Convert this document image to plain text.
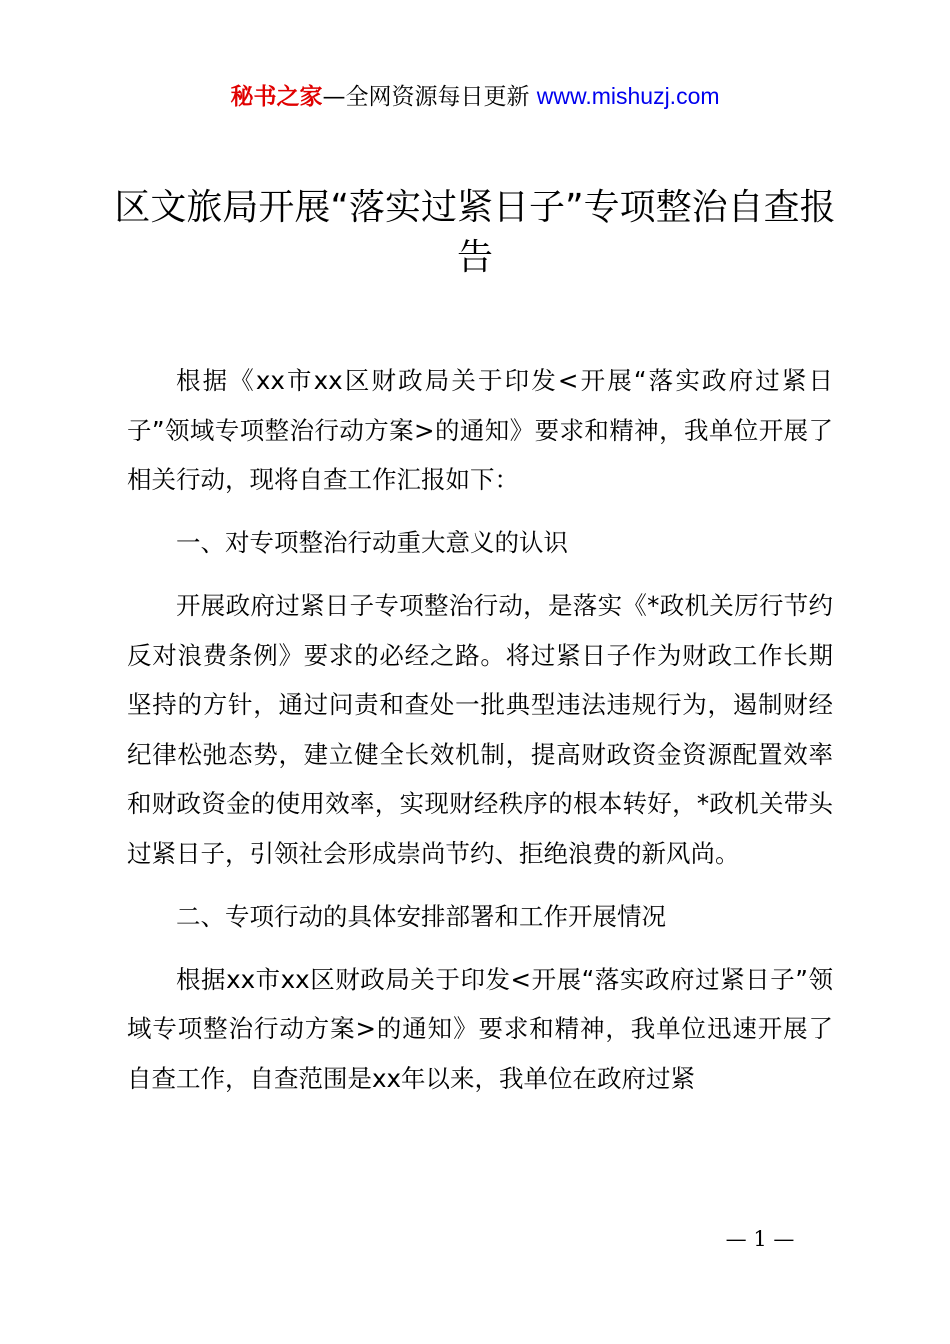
秘书之家—全网资源每日更新 www.mishuzj.com
区文旅局开展“落实过紧日子”专项整治自查报告

根据《xx市xx区财政局关于印发<开展“落实政府过紧日子”领域专项整治行动方案>的通知》要求和精神，我单位开展了相关行动，现将自查工作汇报如下：

一、对专项整治行动重大意义的认识

开展政府过紧日子专项整治行动，是落实《*政机关厉行节约反对浪费条例》要求的必经之路。将过紧日子作为财政工作长期坚持的方针，通过问责和查处一批典型违法违规行为，遏制财经纪律松弛态势，建立健全长效机制，提高财政资金资源配置效率和财政资金的使用效率，实现财经秩序的根本转好，*政机关带头过紧日子，引领社会形成崇尚节约、拒绝浪费的新风尚。

二、专项行动的具体安排部署和工作开展情况

根据xx市xx区财政局关于印发<开展“落实政府过紧日子”领域专项整治行动方案>的通知》要求和精神，我单位迅速开展了自查工作，自查范围是xx年以来，我单位在政府过紧

— 1 —
